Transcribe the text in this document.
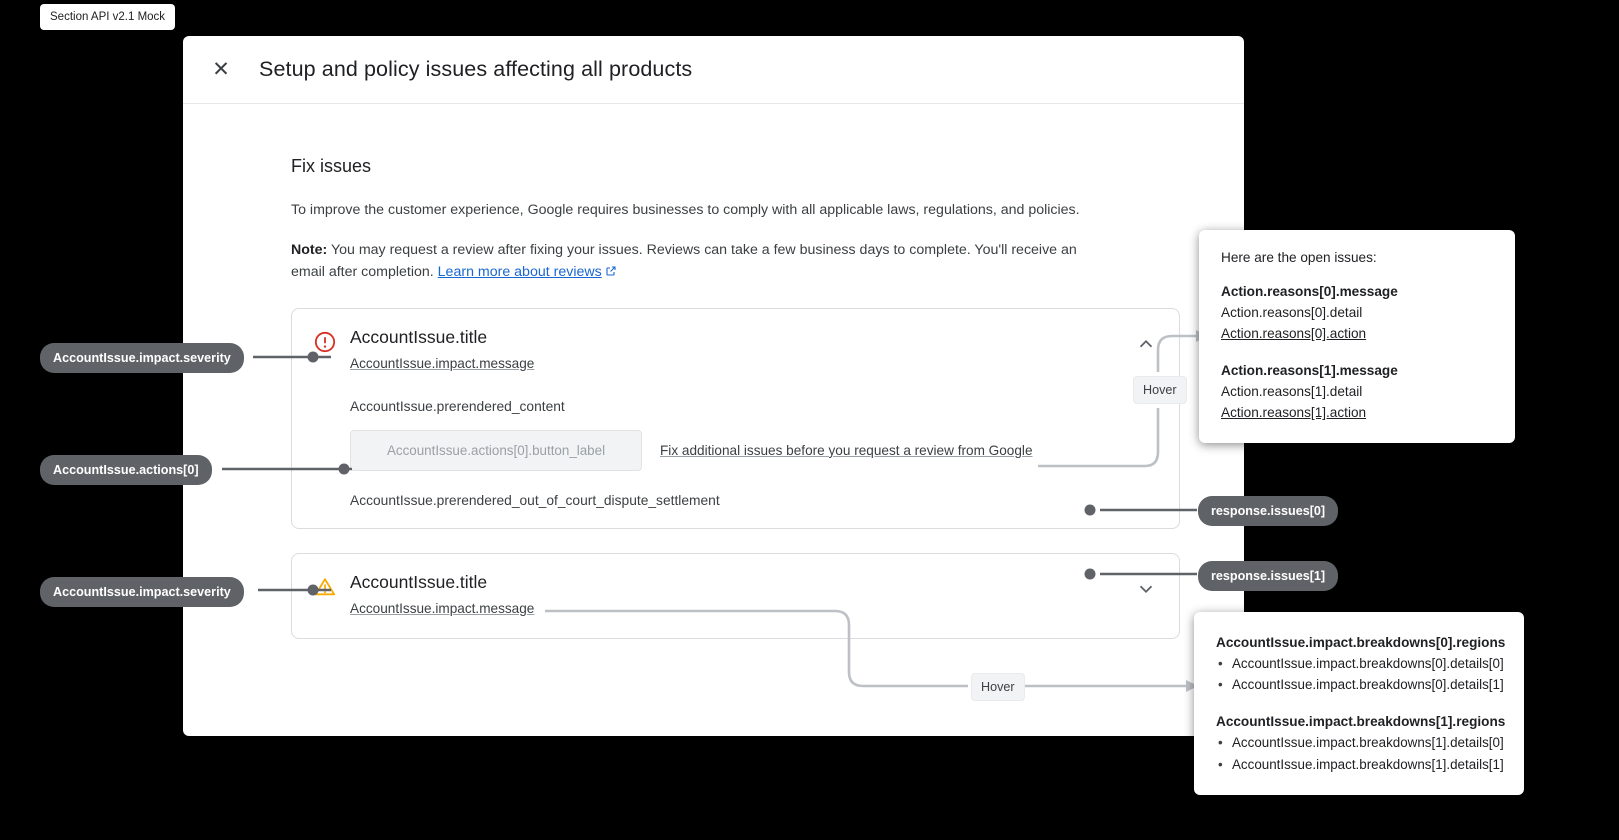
Section API v2.1 Mock
✕	Setup and policy issues affecting all products
Fix issues

To improve the customer experience, Google requires businesses to comply with all applicable laws, regulations, and policies.

Note: You may request a review after fixing your issues. Reviews can take a few business days to complete. You'll receive an email after completion. Learn more about reviews

AccountIssue.title
AccountIssue.impact.message
AccountIssue.prerendered_content
AccountIssue.actions[0].button_label	Fix additional issues before you request a review from Google
AccountIssue.prerendered_out_of_court_dispute_settlement
AccountIssue.title
AccountIssue.impact.message
AccountIssue.impact.severity
AccountIssue.actions[0]
AccountIssue.impact.severity
response.issues[0]
response.issues[1]
Hover
Hover
Here are the open issues:
Action.reasons[0].message
Action.reasons[0].detail
Action.reasons[0].action
Action.reasons[1].message
Action.reasons[1].detail
Action.reasons[1].action
AccountIssue.impact.breakdowns[0].regions
• AccountIssue.impact.breakdowns[0].details[0]
• AccountIssue.impact.breakdowns[0].details[1]
AccountIssue.impact.breakdowns[1].regions
• AccountIssue.impact.breakdowns[1].details[0]
• AccountIssue.impact.breakdowns[1].details[1]
